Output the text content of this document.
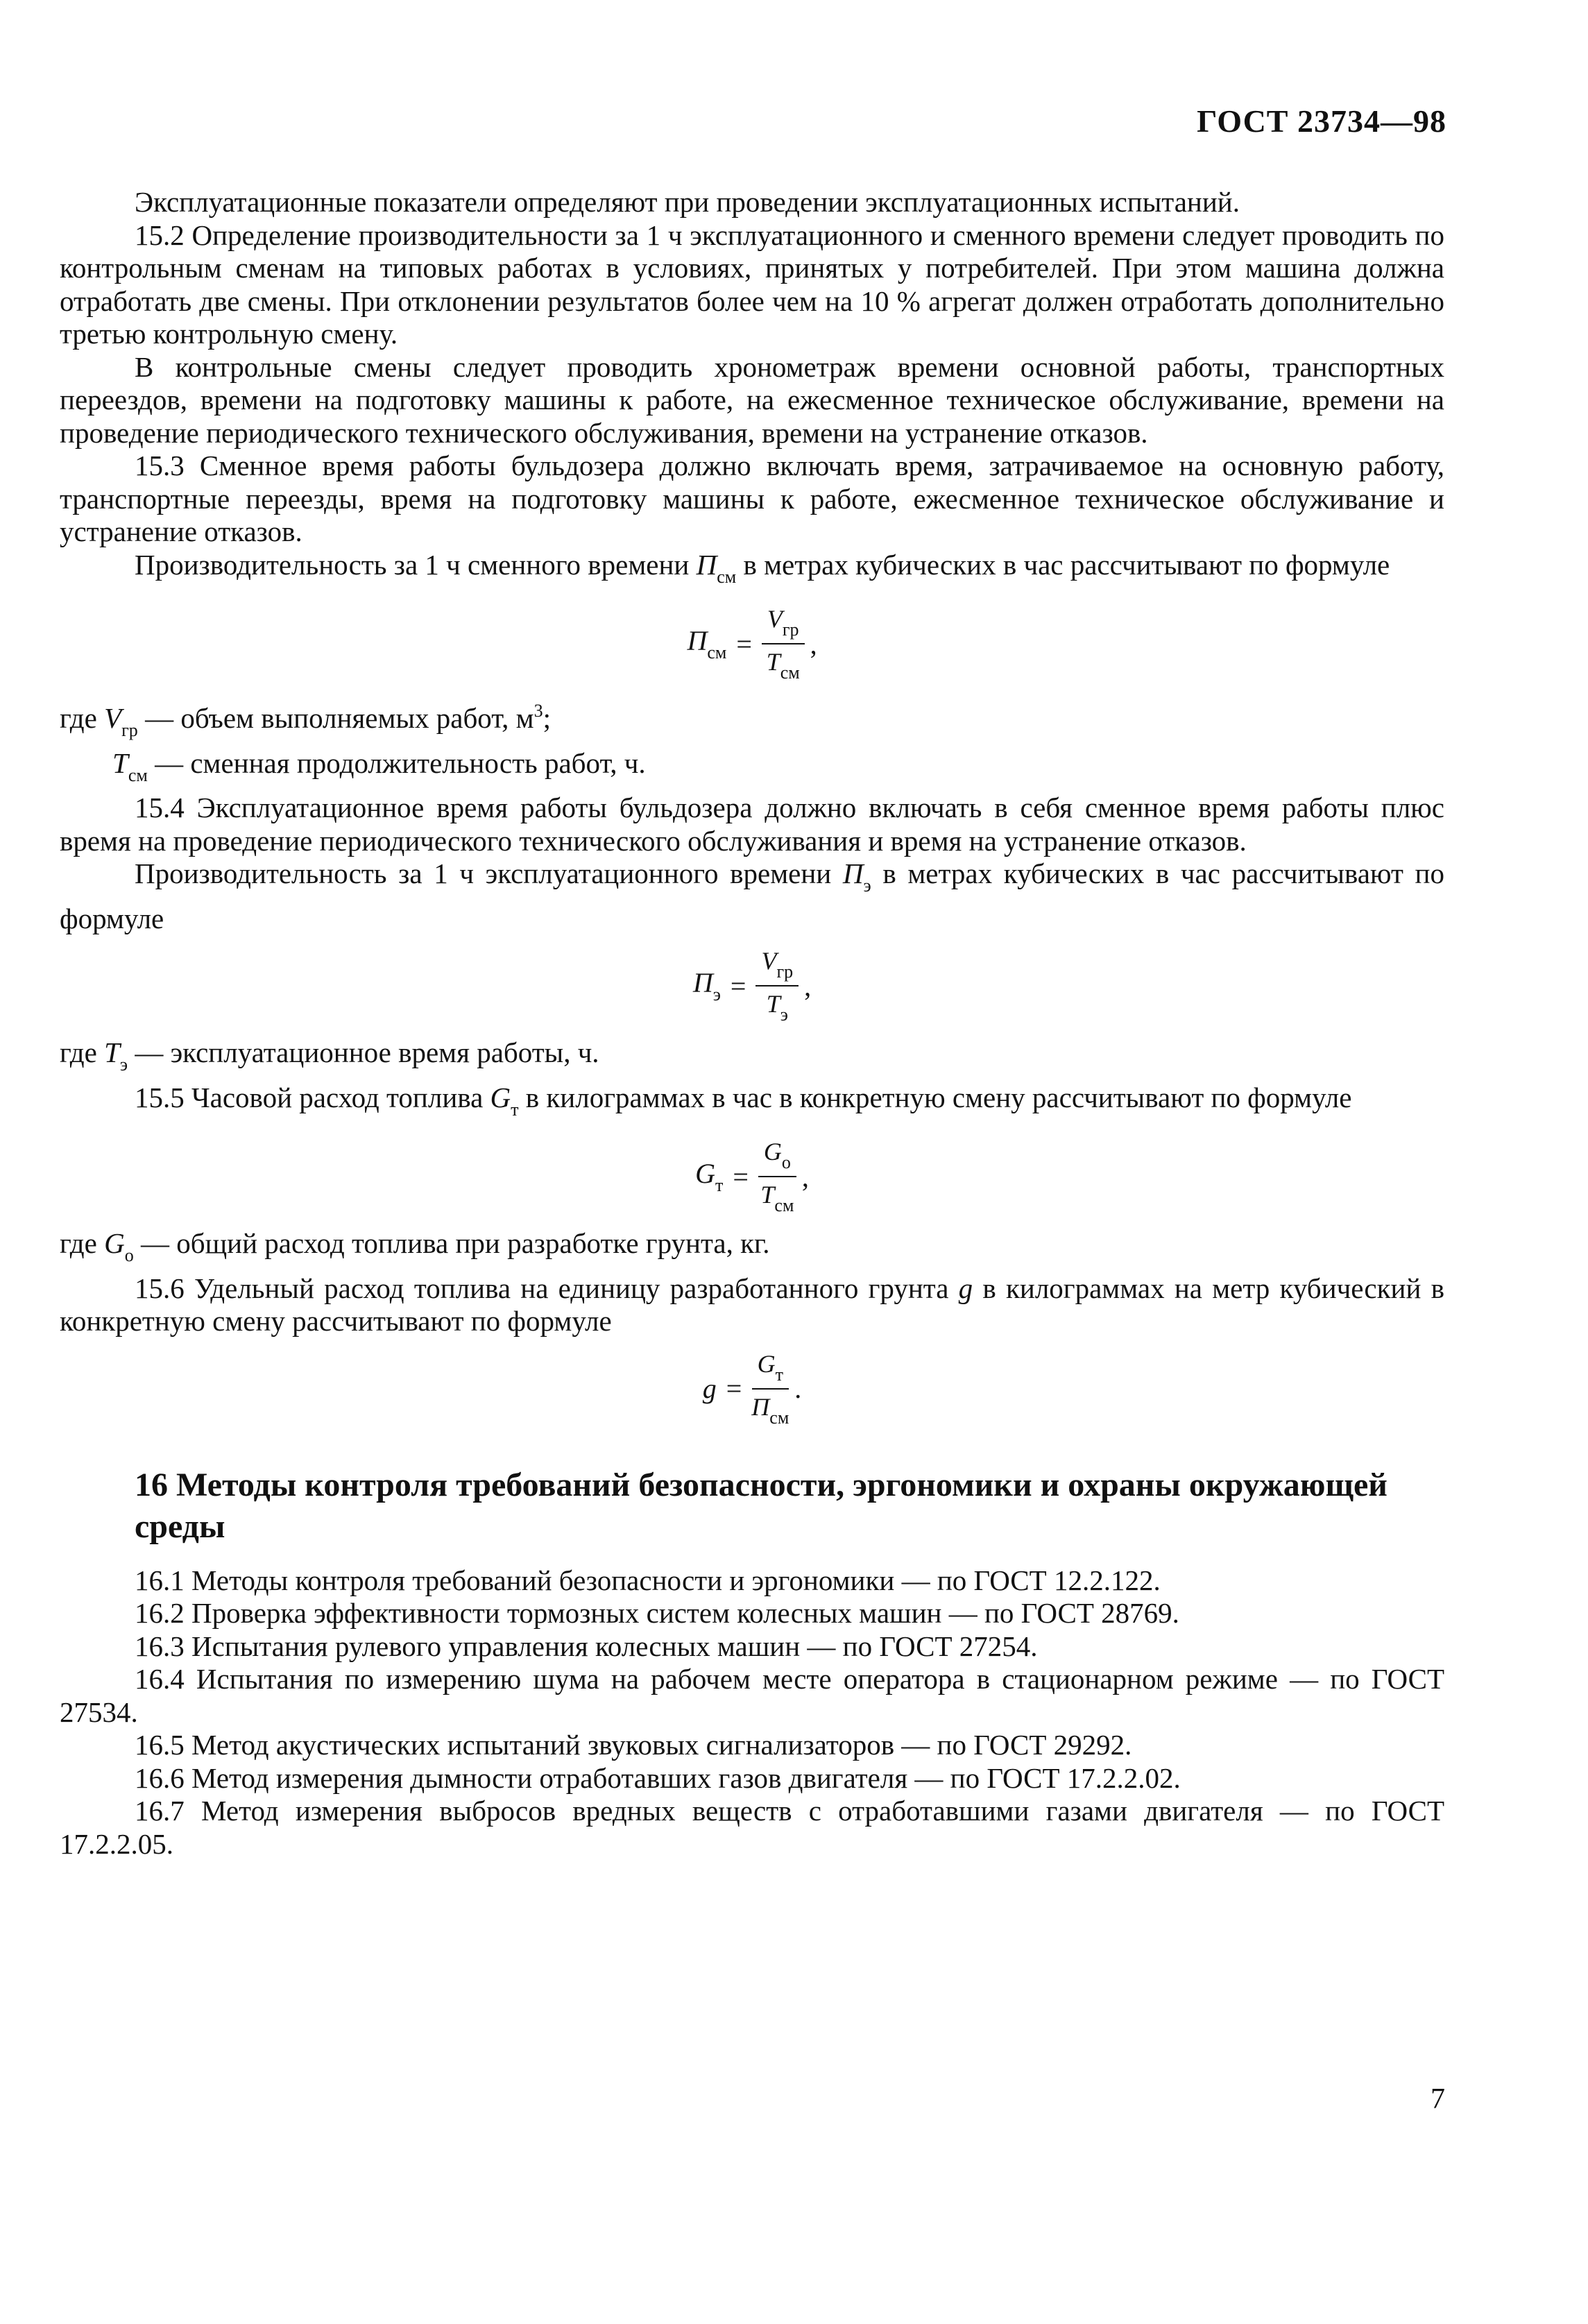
ГОСТ 23734—98

Эксплуатационные показатели определяют при проведении эксплуатационных испытаний.

15.2 Определение производительности за 1 ч эксплуатационного и сменного времени следует проводить по контрольным сменам на типовых работах в условиях, принятых у потребителей. При этом машина должна отработать две смены. При отклонении результатов более чем на 10 % агрегат должен отработать дополнительно третью контрольную смену.

В контрольные смены следует проводить хронометраж времени основной работы, транспортных переездов, времени на подготовку машины к работе, на ежесменное техническое обслуживание, времени на проведение периодического технического обслуживания, времени на устранение отказов.

15.3 Сменное время работы бульдозера должно включать время, затрачиваемое на основную работу, транспортные переезды, время на подготовку машины к работе, ежесменное техническое обслуживание и устранение отказов.

Производительность за 1 ч сменного времени $П_{см}$ в метрах кубических в час рассчитывают по формуле

$П_{см} = \frac{V_{гр}}{T_{см}}$ ,

где $V_{гр}$ — объем выполняемых работ, $м^3$;

$T_{см}$ — сменная продолжительность работ, ч.

15.4 Эксплуатационное время работы бульдозера должно включать в себя сменное время работы плюс время на проведение периодического технического обслуживания и время на устранение отказов.

Производительность за 1 ч эксплуатационного времени $П_э$ в метрах кубических в час рассчитывают по формуле

$П_э = \frac{V_{гр}}{T_э}$ ,

где $T_э$ — эксплуатационное время работы, ч.

15.5 Часовой расход топлива $G_т$ в килограммах в час в конкретную смену рассчитывают по формуле

$G_т = \frac{G_о}{T_{см}}$ ,

где $G_о$ — общий расход топлива при разработке грунта, кг.

15.6 Удельный расход топлива на единицу разработанного грунта g в килограммах на метр кубический в конкретную смену рассчитывают по формуле

$g = \frac{G_т}{П_{см}}$ .
16 Методы контроля требований безопасности, эргономики и охраны окружающей среды

16.1 Методы контроля требований безопасности и эргономики — по ГОСТ 12.2.122.

16.2 Проверка эффективности тормозных систем колесных машин — по ГОСТ 28769.

16.3 Испытания рулевого управления колесных машин — по ГОСТ 27254.

16.4 Испытания по измерению шума на рабочем месте оператора в стационарном режиме — по ГОСТ 27534.

16.5 Метод акустических испытаний звуковых сигнализаторов — по ГОСТ 29292.

16.6 Метод измерения дымности отработавших газов двигателя — по ГОСТ 17.2.2.02.

16.7 Метод измерения выбросов вредных веществ с отработавшими газами двигателя — по ГОСТ 17.2.2.05.

7
